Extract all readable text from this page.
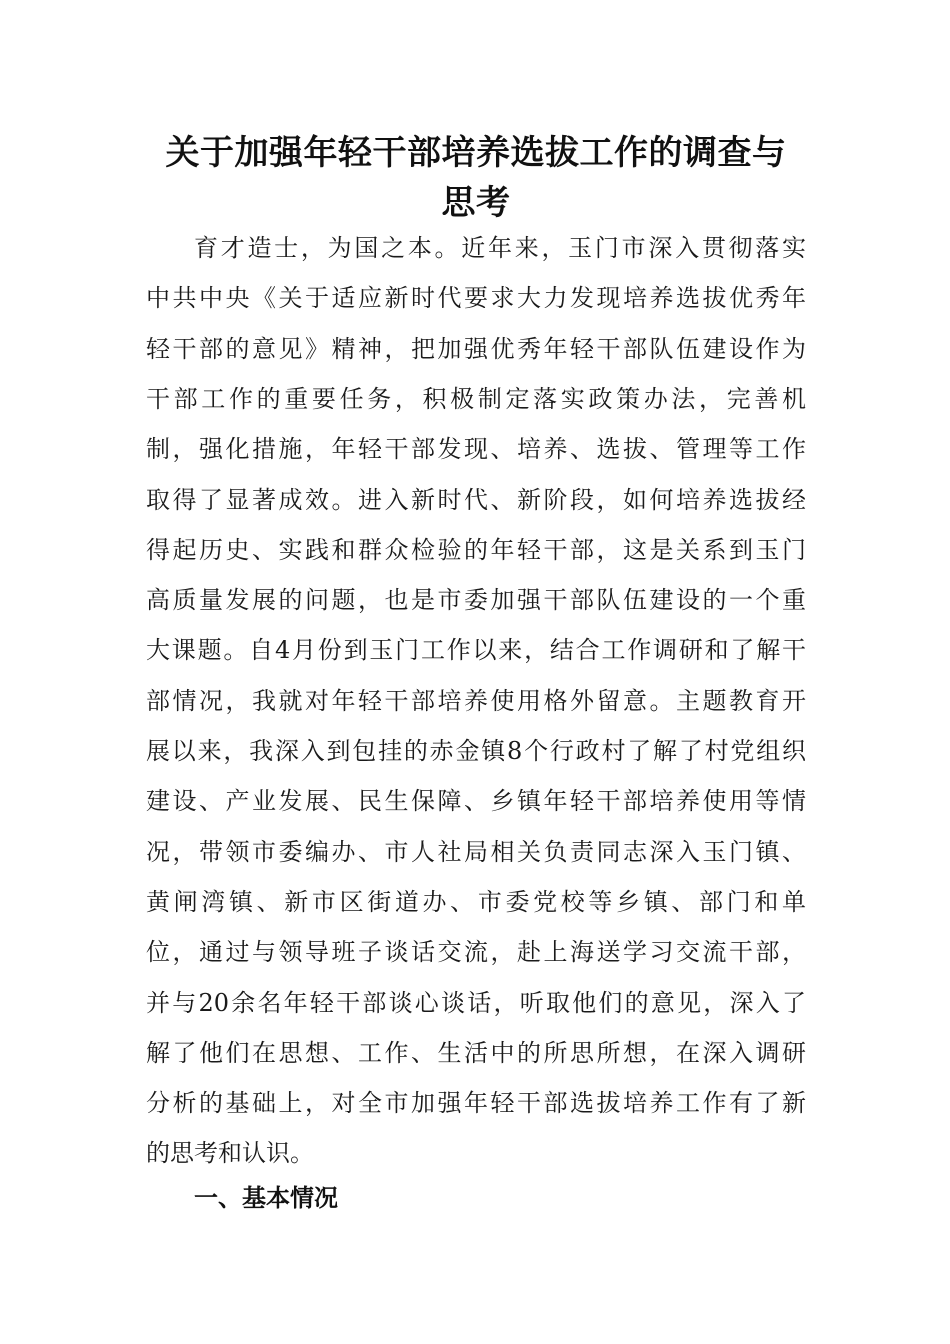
关于加强年轻干部培养选拔工作的调查与
思考
育才造士，为国之本。近年来，玉门市深入贯彻落实
中共中央《关于适应新时代要求大力发现培养选拔优秀年
轻干部的意见》精神，把加强优秀年轻干部队伍建设作为
干部工作的重要任务，积极制定落实政策办法，完善机
制，强化措施，年轻干部发现、培养、选拔、管理等工作
取得了显著成效。进入新时代、新阶段，如何培养选拔经
得起历史、实践和群众检验的年轻干部，这是关系到玉门
高质量发展的问题，也是市委加强干部队伍建设的一个重
大课题。自4月份到玉门工作以来，结合工作调研和了解干
部情况，我就对年轻干部培养使用格外留意。主题教育开
展以来，我深入到包挂的赤金镇8个行政村了解了村党组织
建设、产业发展、民生保障、乡镇年轻干部培养使用等情
况，带领市委编办、市人社局相关负责同志深入玉门镇、
黄闸湾镇、新市区街道办、市委党校等乡镇、部门和单
位，通过与领导班子谈话交流，赴上海送学习交流干部，
并与20余名年轻干部谈心谈话，听取他们的意见，深入了
解了他们在思想、工作、生活中的所思所想，在深入调研
分析的基础上，对全市加强年轻干部选拔培养工作有了新
的思考和认识。
一、基本情况
